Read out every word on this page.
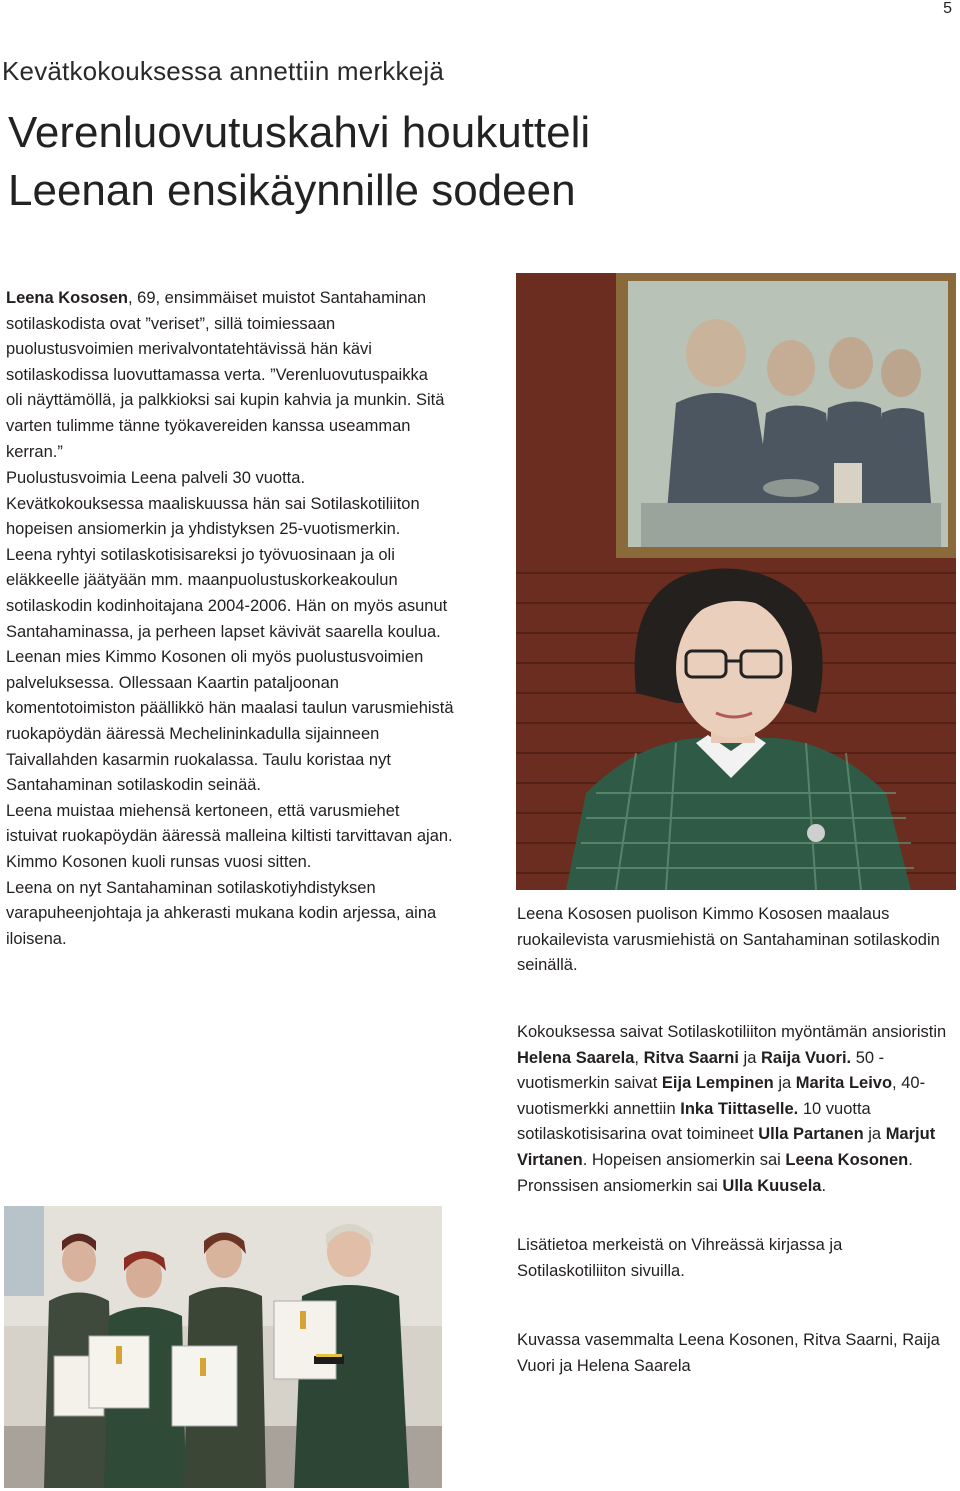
5
Kevätkokouksessa annettiin merkkejä
Verenluovutuskahvi houkutteli
Leenan ensikäynnille sodeen

Leena Kososen, 69, ensimmäiset muistot Santahaminan sotilaskodista ovat ”veriset”, sillä toimiessaan puolustusvoimien merivalvontatehtävissä hän kävi sotilaskodissa luovuttamassa verta. ”Verenluovutuspaikka oli näyttämöllä, ja palkkioksi sai kupin kahvia ja munkin. Sitä varten tulimme tänne työkavereiden kanssa useamman kerran.”

Puolustusvoimia Leena palveli 30 vuotta.

Kevätkokouksessa maaliskuussa hän sai Sotilaskotiliiton hopeisen ansiomerkin ja yhdistyksen 25-vuotismerkin.

Leena ryhtyi sotilaskotisisareksi jo työvuosinaan ja oli eläkkeelle jäätyään mm. maanpuolustuskorkeakoulun sotilaskodin kodinhoitajana 2004-2006. Hän on myös asunut Santahaminassa, ja perheen lapset kävivät saarella koulua.

Leenan mies Kimmo Kosonen oli myös puolustusvoimien palveluksessa. Ollessaan Kaartin pataljoonan komentotoimiston päällikkö hän maalasi taulun varusmiehistä ruokapöydän ääressä Mechelininkadulla sijainneen Taivallahden kasarmin ruokalassa. Taulu koristaa nyt Santahaminan sotilaskodin seinää.

Leena muistaa miehensä kertoneen, että varusmiehet istuivat ruokapöydän ääressä malleina kiltisti tarvittavan ajan. Kimmo Kosonen kuoli runsas vuosi sitten.

Leena on nyt Santahaminan sotilaskotiyhdistyksen varapuheenjohtaja ja ahkerasti mukana kodin arjessa, aina iloisena.

Leena Kososen puolison Kimmo Kososen maalaus ruokailevista varusmiehistä on Santahaminan sotilaskodin seinällä.

Kokouksessa saivat Sotilaskotiliiton myöntämän ansioristin Helena Saarela, Ritva Saarni ja Raija Vuori. 50 -vuotismerkin saivat Eija Lempinen ja Marita Leivo, 40-vuotismerkki annettiin Inka Tiittaselle. 10 vuotta sotilaskotisisarina ovat toimineet Ulla Partanen ja Marjut Virtanen. Hopeisen ansiomerkin sai Leena Kosonen. Pronssisen ansiomerkin sai Ulla Kuusela.

Lisätietoa merkeistä on Vihreässä kirjassa ja Sotilaskotiliiton sivuilla.
Kuvassa vasemmalta Leena Kosonen, Ritva Saarni, Raija Vuori ja Helena Saarela
